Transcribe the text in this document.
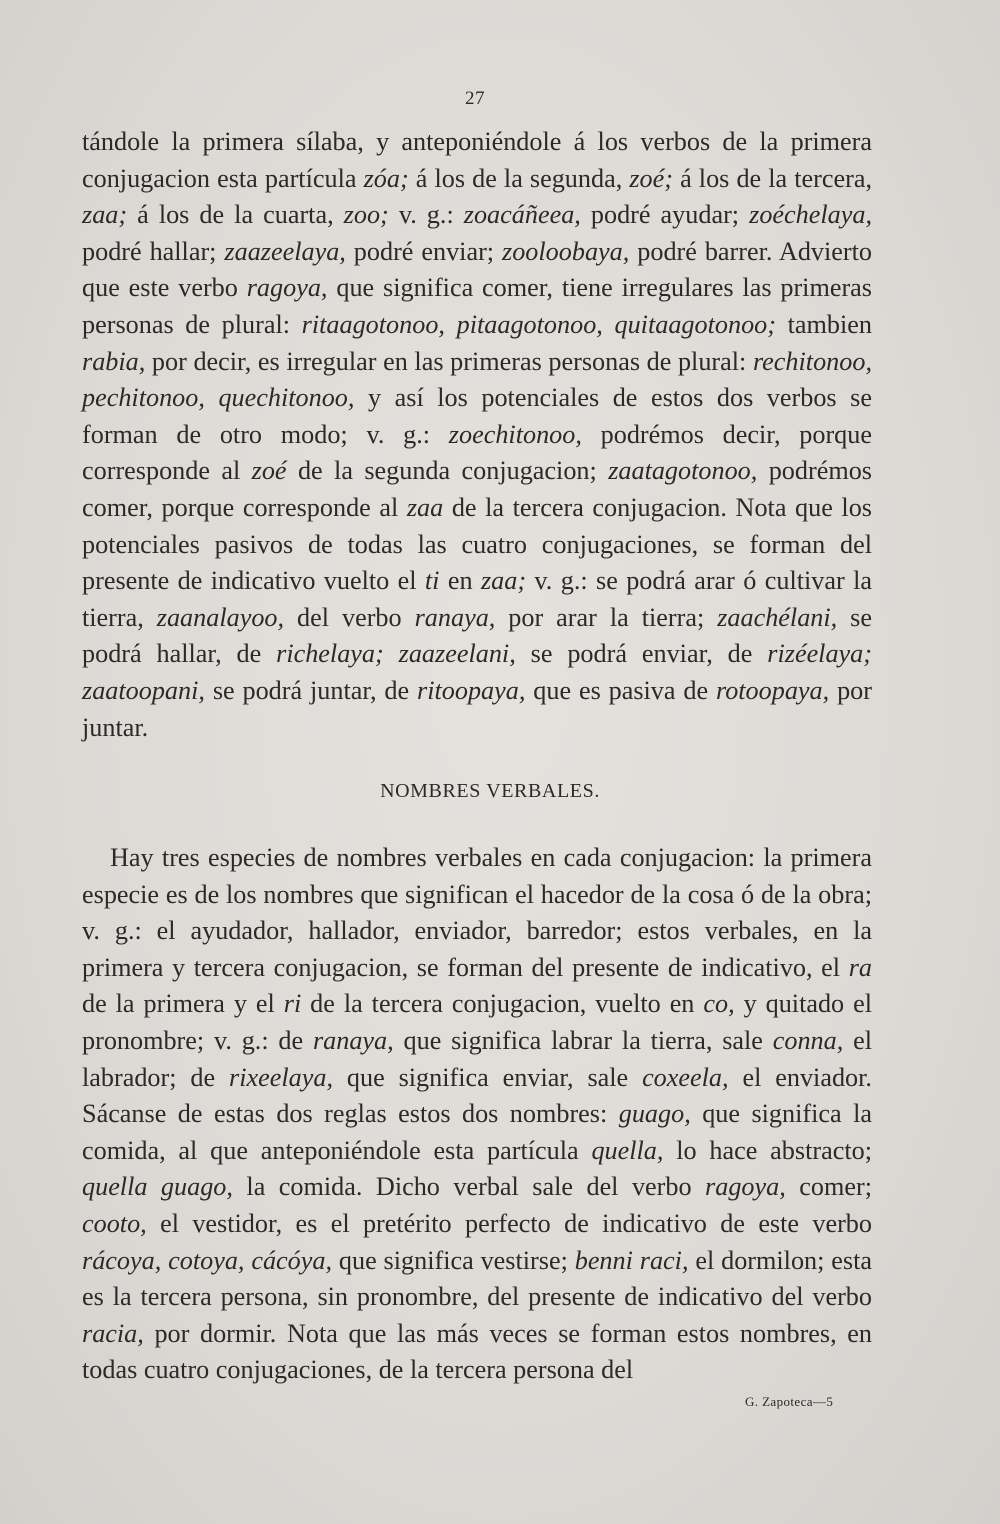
27

tándole la primera sílaba, y anteponiéndole á los verbos de la primera conjugacion esta partícula zóa; á los de la segunda, zoé; á los de la tercera, zaa; á los de la cuarta, zoo; v. g.: zoacáñeea, podré ayudar; zoéchelaya, podré hallar; zaazeelaya, podré enviar; zooloobaya, podré barrer. Advierto que este verbo ragoya, que significa comer, tiene irregulares las primeras personas de plural: ritaagotonoo, pitaagotonoo, quitaagotonoo; tambien rabia, por decir, es irregular en las primeras personas de plural: rechitonoo, pechitonoo, quechitonoo, y así los potenciales de estos dos verbos se forman de otro modo; v. g.: zoechitonoo, podrémos decir, porque corresponde al zoé de la segunda conjugacion; zaatagotonoo, podrémos comer, porque corresponde al zaa de la tercera conjugacion. Nota que los potenciales pasivos de todas las cuatro conjugaciones, se forman del presente de indicativo vuelto el ti en zaa; v. g.: se podrá arar ó cultivar la tierra, zaanalayoo, del verbo ranaya, por arar la tierra; zaachélani, se podrá hallar, de richelaya; zaazeelani, se podrá enviar, de rizéelaya; zaatoopani, se podrá juntar, de ritoopaya, que es pasiva de rotoopaya, por juntar.

NOMBRES VERBALES.

Hay tres especies de nombres verbales en cada conjugacion: la primera especie es de los nombres que significan el hacedor de la cosa ó de la obra; v. g.: el ayudador, hallador, enviador, barredor; estos verbales, en la primera y tercera conjugacion, se forman del presente de indicativo, el ra de la primera y el ri de la tercera conjugacion, vuelto en co, y quitado el pronombre; v. g.: de ranaya, que significa labrar la tierra, sale conna, el labrador; de rixeelaya, que significa enviar, sale coxeela, el enviador. Sácanse de estas dos reglas estos dos nombres: guago, que significa la comida, al que anteponiéndole esta partícula quella, lo hace abstracto; quella guago, la comida. Dicho verbal sale del verbo ragoya, comer; cooto, el vestidor, es el pretérito perfecto de indicativo de este verbo rácoya, cotoya, cácóya, que significa vestirse; benni raci, el dormilon; esta es la tercera persona, sin pronombre, del presente de indicativo del verbo racia, por dormir. Nota que las más veces se forman estos nombres, en todas cuatro conjugaciones, de la tercera persona del

G. Zapoteca—5
